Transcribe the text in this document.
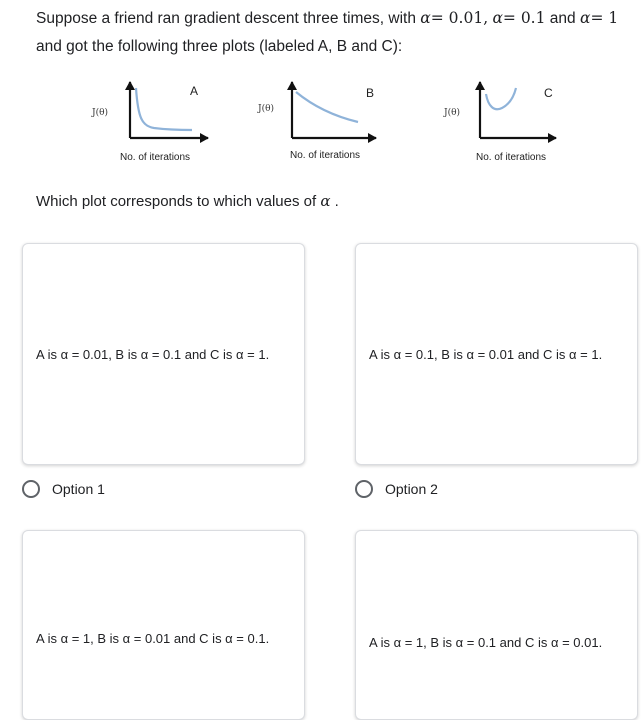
Suppose a friend ran gradient descent three times, with α= 0.01, α= 0.1 and α= 1
and got the following three plots (labeled A, B and C):
A
J(θ)
No. of iterations
B
J(θ)
No. of iterations
C
J(θ)
No. of iterations
Which plot corresponds to which values of α .
A is α = 0.01, B is α = 0.1 and C is α = 1.
Option 1
A is α = 0.1, B is α = 0.01 and C is α = 1.
Option 2
A is α = 1, B is α = 0.01 and C is α = 0.1.	A is α = 1, B is α = 0.1 and C is α = 0.01.
